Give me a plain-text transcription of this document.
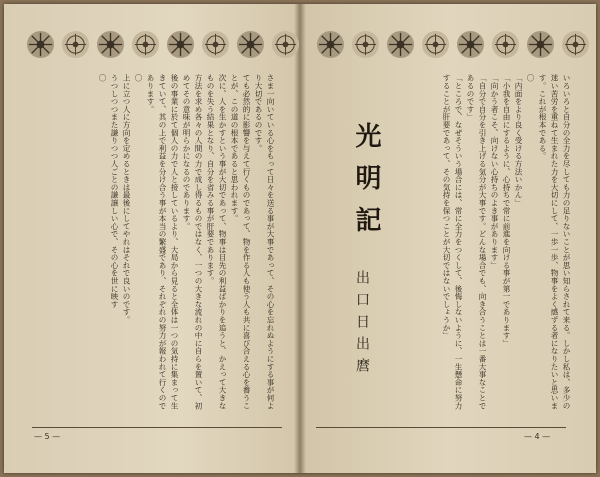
さま一向いている心をもって日々を送る事が大事であって、その心を忘れぬようにする事が何より大切であるのです。

ても必然的に影響を与えて行くものであって、物を作る人も使う人も共に喜び合える心を養うことが、この道の根本であると思われます。

次に、人を生かすという事が大切であって、物事は目先の利益ばかりを追うと、かえって大きなものを失う結果となり、自分を省みる事が肝要であります。

方法を求め各々の人間の力で成し得るものではなく、一つの大きな流れの中に自らを置いて、初めてその意味が明らかになるのであります。

後の事業に於て個人の力で人と接しているより、大局から見ると全体は一つの気持に集まって生きていて、其の上で利益を分け合う事が本当の繁盛であり、それぞれの努力が報われて行くのであります。

〇

上に立つ人に方向を定めるときは最後にしてやれはそれで良いのです。

うつしつつまた謙りつつ人ごとの謙譲しい心で、その心を世に映す

〇

— 5 —

いろいろと自分の全力を尽しても力の足りないことが思い知らされて来る。しかし私は、多少の迷い苦労を重ねて生まれた力を大切にして、一歩一歩、物事をよく感ずる者になりたいと思います。これが根本である。

〇

「内面をより良く受ける方法いかん」

「小我を自由にするように、心持ちで常に前進を向ける事が第一であります」

「向かう者こそ、向けない心持ちのよき事があります」

「自分で自分を引き上げる気分が大事です。どんな場合でも、向き合うことは一番大事なことであるのです」

「ところで、なぜそういう場合には、常に全力をつくして、後悔しないように、一生懸命に努力することが肝要であって、その気持を保つことが大切ではないでしょうか」

光明記
出口日出麿
— 4 —
